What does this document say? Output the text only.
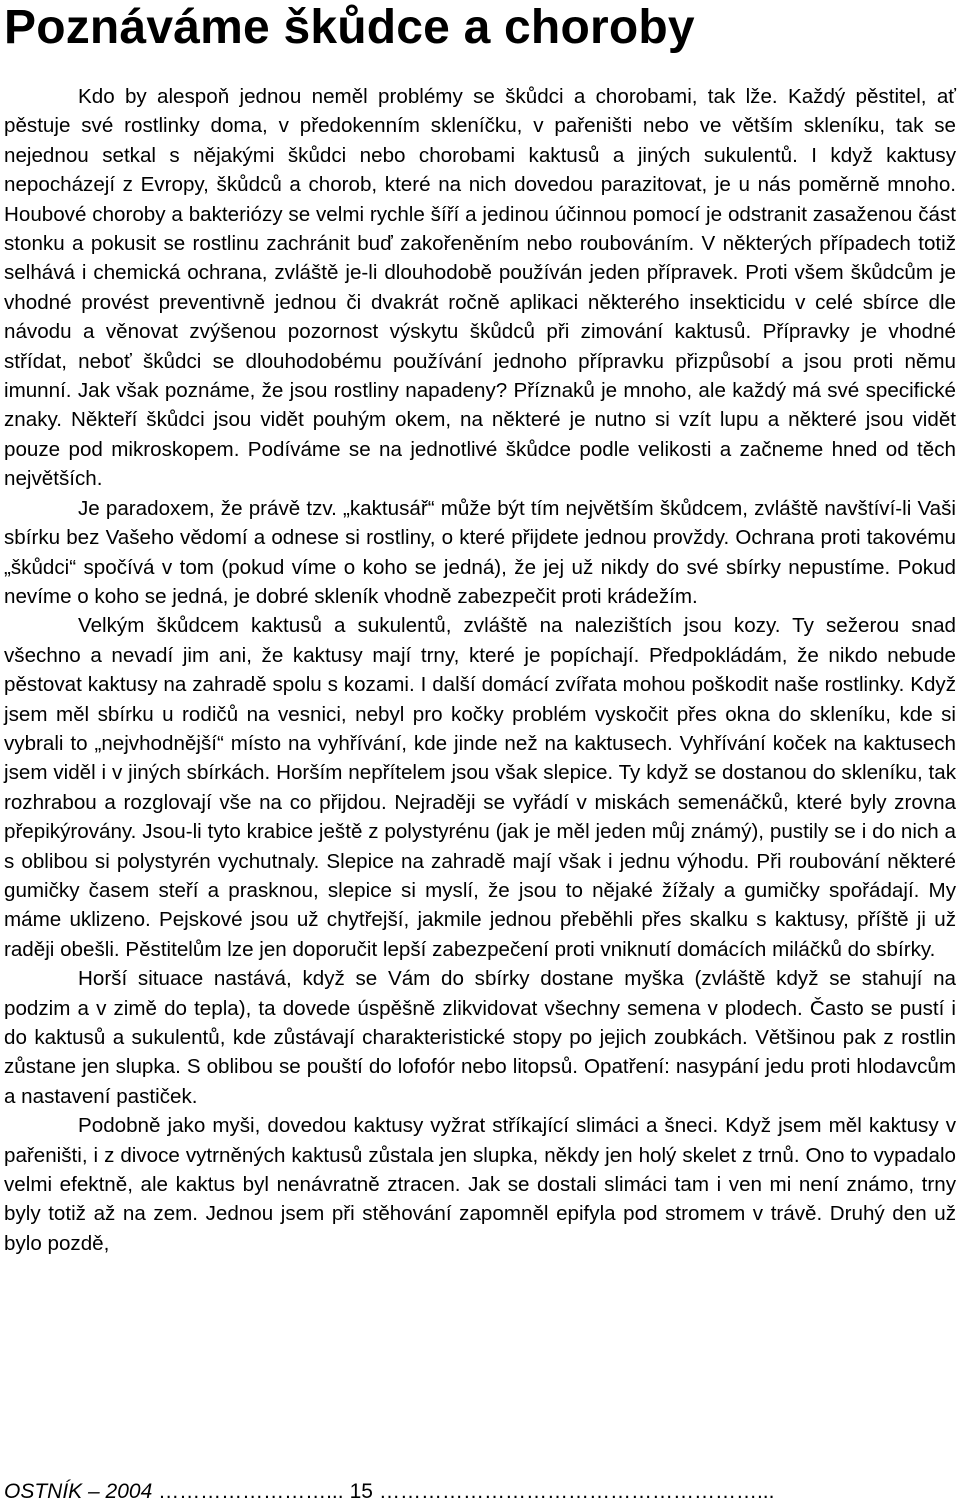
Poznáváme škůdce a choroby

Kdo by alespoň jednou neměl problémy se škůdci a chorobami, tak lže. Každý pěstitel, ať pěstuje své rostlinky doma, v předokenním skleníčku, v pařeništi nebo ve větším skleníku, tak se nejednou setkal s nějakými škůdci nebo chorobami kaktusů a jiných sukulentů. I když kaktusy nepocházejí z Evropy, škůdců a chorob, které na nich dovedou parazitovat, je u nás poměrně mnoho. Houbové choroby a bakteriózy se velmi rychle šíří a jedinou účinnou pomocí je odstranit zasaženou část stonku a pokusit se rostlinu zachránit buď zakořeněním nebo roubováním. V některých případech totiž selhává i chemická ochrana, zvláště je-li dlouhodobě používán jeden přípravek. Proti všem škůdcům je vhodné provést preventivně jednou či dvakrát ročně aplikaci některého insekticidu v celé sbírce dle návodu a věnovat zvýšenou pozornost výskytu škůdců při zimování kaktusů. Přípravky je vhodné střídat, neboť škůdci se dlouhodobému používání jednoho přípravku přizpůsobí a jsou proti němu imunní. Jak však poznáme, že jsou rostliny napadeny? Příznaků je mnoho, ale každý má své specifické znaky. Někteří škůdci jsou vidět pouhým okem, na některé je nutno si vzít lupu a některé jsou vidět pouze pod mikroskopem. Podíváme se na jednotlivé škůdce podle velikosti a začneme hned od těch největších.

Je paradoxem, že právě tzv. „kaktusář“ může být tím největším škůdcem, zvláště navštíví-li Vaši sbírku bez Vašeho vědomí a odnese si rostliny, o které přijdete jednou provždy. Ochrana proti takovému „škůdci“ spočívá v tom (pokud víme o koho se jedná), že jej už nikdy do své sbírky nepustíme. Pokud nevíme o koho se jedná, je dobré skleník vhodně zabezpečit proti krádežím.

Velkým škůdcem kaktusů a sukulentů, zvláště na nalezištích jsou kozy. Ty sežerou snad všechno a nevadí jim ani, že kaktusy mají trny, které je popíchají. Předpokládám, že nikdo nebude pěstovat kaktusy na zahradě spolu s kozami. I další domácí zvířata mohou poškodit naše rostlinky. Když jsem měl sbírku u rodičů na vesnici, nebyl pro kočky problém vyskočit přes okna do skleníku, kde si vybrali to „nejvhodnější“ místo na vyhřívání, kde jinde než na kaktusech. Vyhřívání koček na kaktusech jsem viděl i v jiných sbírkách. Horším nepřítelem jsou však slepice. Ty když se dostanou do skleníku, tak rozhrabou a rozglovají vše na co přijdou. Nejraději se vyřádí v miskách semenáčků, které byly zrovna přepikýrovány. Jsou-li tyto krabice ještě z polystyrénu (jak je měl jeden můj známý), pustily se i do nich a s oblibou si polystyrén vychutnaly. Slepice na zahradě mají však i jednu výhodu. Při roubování některé gumičky časem steří a prasknou, slepice si myslí, že jsou to nějaké žížaly a gumičky spořádají. My máme uklizeno. Pejskové jsou už chytřejší, jakmile jednou přeběhli přes skalku s kaktusy, příště ji už raději obešli. Pěstitelům lze jen doporučit lepší zabezpečení proti vniknutí domácích miláčků do sbírky.

Horší situace nastává, když se Vám do sbírky dostane myška (zvláště když se stahují na podzim a v zimě do tepla), ta dovede úspěšně zlikvidovat všechny semena v plodech. Často se pustí i do kaktusů a sukulentů, kde zůstávají charakteristické stopy po jejich zoubkách. Většinou pak z rostlin zůstane jen slupka. S oblibou se pouští do lofofór nebo litopsů. Opatření: nasypání jedu proti hlodavcům a nastavení pastiček.

Podobně jako myši, dovedou kaktusy vyžrat stříkající slimáci a šneci. Když jsem měl kaktusy v pařeništi, i z divoce vytrněných kaktusů zůstala jen slupka, někdy jen holý skelet z trnů. Ono to vypadalo velmi efektně, ale kaktus byl nenávratně ztracen. Jak se dostali slimáci tam i ven mi není známo, trny byly totiž až na zem. Jednou jsem při stěhování zapomněl epifyla pod stromem v trávě. Druhý den už bylo pozdě,

OSTNÍK – 2004 ……………………... 15 ………………………………………………...
